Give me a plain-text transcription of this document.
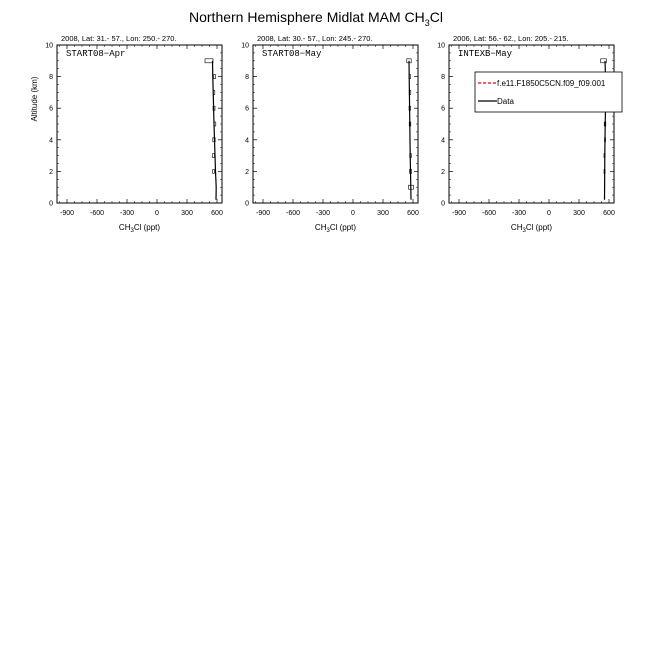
Northern Hemisphere Midlat MAM $CH_3Cl$
2008, Lat: 31.- 57., Lon: 250.- 270.
-900 -600 -300	0	300	600
0
2
4
6
8
10
START08−Apr
$CH_3Cl$ (ppt)
Altitude (km)
2008, Lat: 30.- 57., Lon: 245.- 270.
-900 -600 -300	0	300	600
0
2
4
6
8
10
START08−May
$CH_3Cl$ (ppt)
2006, Lat: 56.- 62., Lon: 205.- 215.
-900 -600 -300	0	300	600
0
2
4
6
8
10
INTEXB−May
$CH_3Cl$ (ppt)
f.e11.F1850C5CN.f09_f09.001
Data
